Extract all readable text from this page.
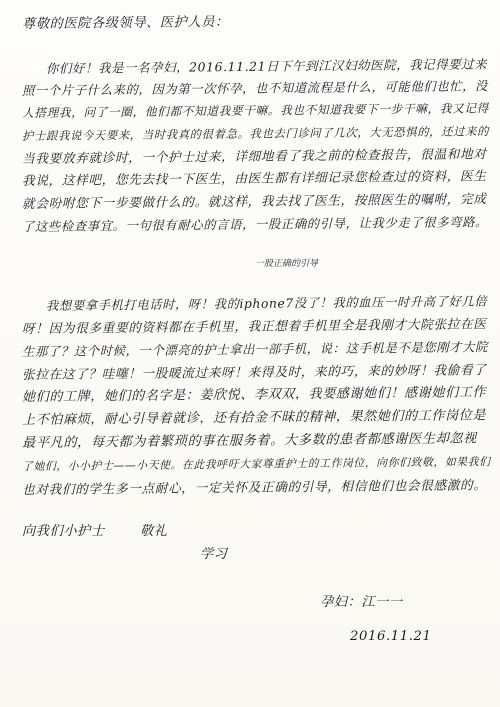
尊敬的医院各级领导、医护人员：
你们好！我是一名孕妇，2016.11.21日下午到江汉妇幼医院，我记得要过来
照一个片子什么来的，因为第一次怀孕，也不知道流程是什么，可能他们也忙，没
人搭理我，问了一圈，他们都不知道我要干嘛。我也不知道我要下一步干嘛，我又记得
护士跟我说今天要来，当时我真的很着急。我也去门诊问了几次，大无恐惧的，还过来的
当我要放弃就诊时，一个护士过来，详细地看了我之前的检查报告，很温和地对
我说，这样吧，您先去找一下医生，由医生都有详细记录您检查过的资料，医生
就会吩咐您下一步要做什么的。就这样，我去找了医生，按照医生的嘱咐，完成
了这些检查事宜。一句很有耐心的言语，一股正确的引导，让我少走了很多弯路。
一股正确的引导
我想要拿手机打电话时，呀！我的iphone7没了！我的血压一时升高了好几倍
呀！因为很多重要的资料都在手机里，我正想着手机里全是我刚才大院张拉在医
生那了？这个时候，一个漂亮的护士拿出一部手机，说：这手机是不是您刚才大院
张拉在这了？哇噻！一股暖流过来呀！来得及时，来的巧，来的妙呀！我偷看了
她们的工牌，她们的名字是：姜欣悦、李双双，我要感谢她们！感谢她们工作
上不怕麻烦，耐心引导着就诊，还有拾金不昧的精神，果然她们的工作岗位是
最平凡的，每天都为着繁琐的事在服务着。大多数的患者都感谢医生却忽视
了她们，小小护士——小天使。在此我呼吁大家尊重护士的工作岗位，向你们致敬，如果我们
也对我们的学生多一点耐心，一定关怀及正确的引导，相信他们也会很感激的。
向我们小护士	敬礼
学习
孕妇：江一一
2016.11.21
